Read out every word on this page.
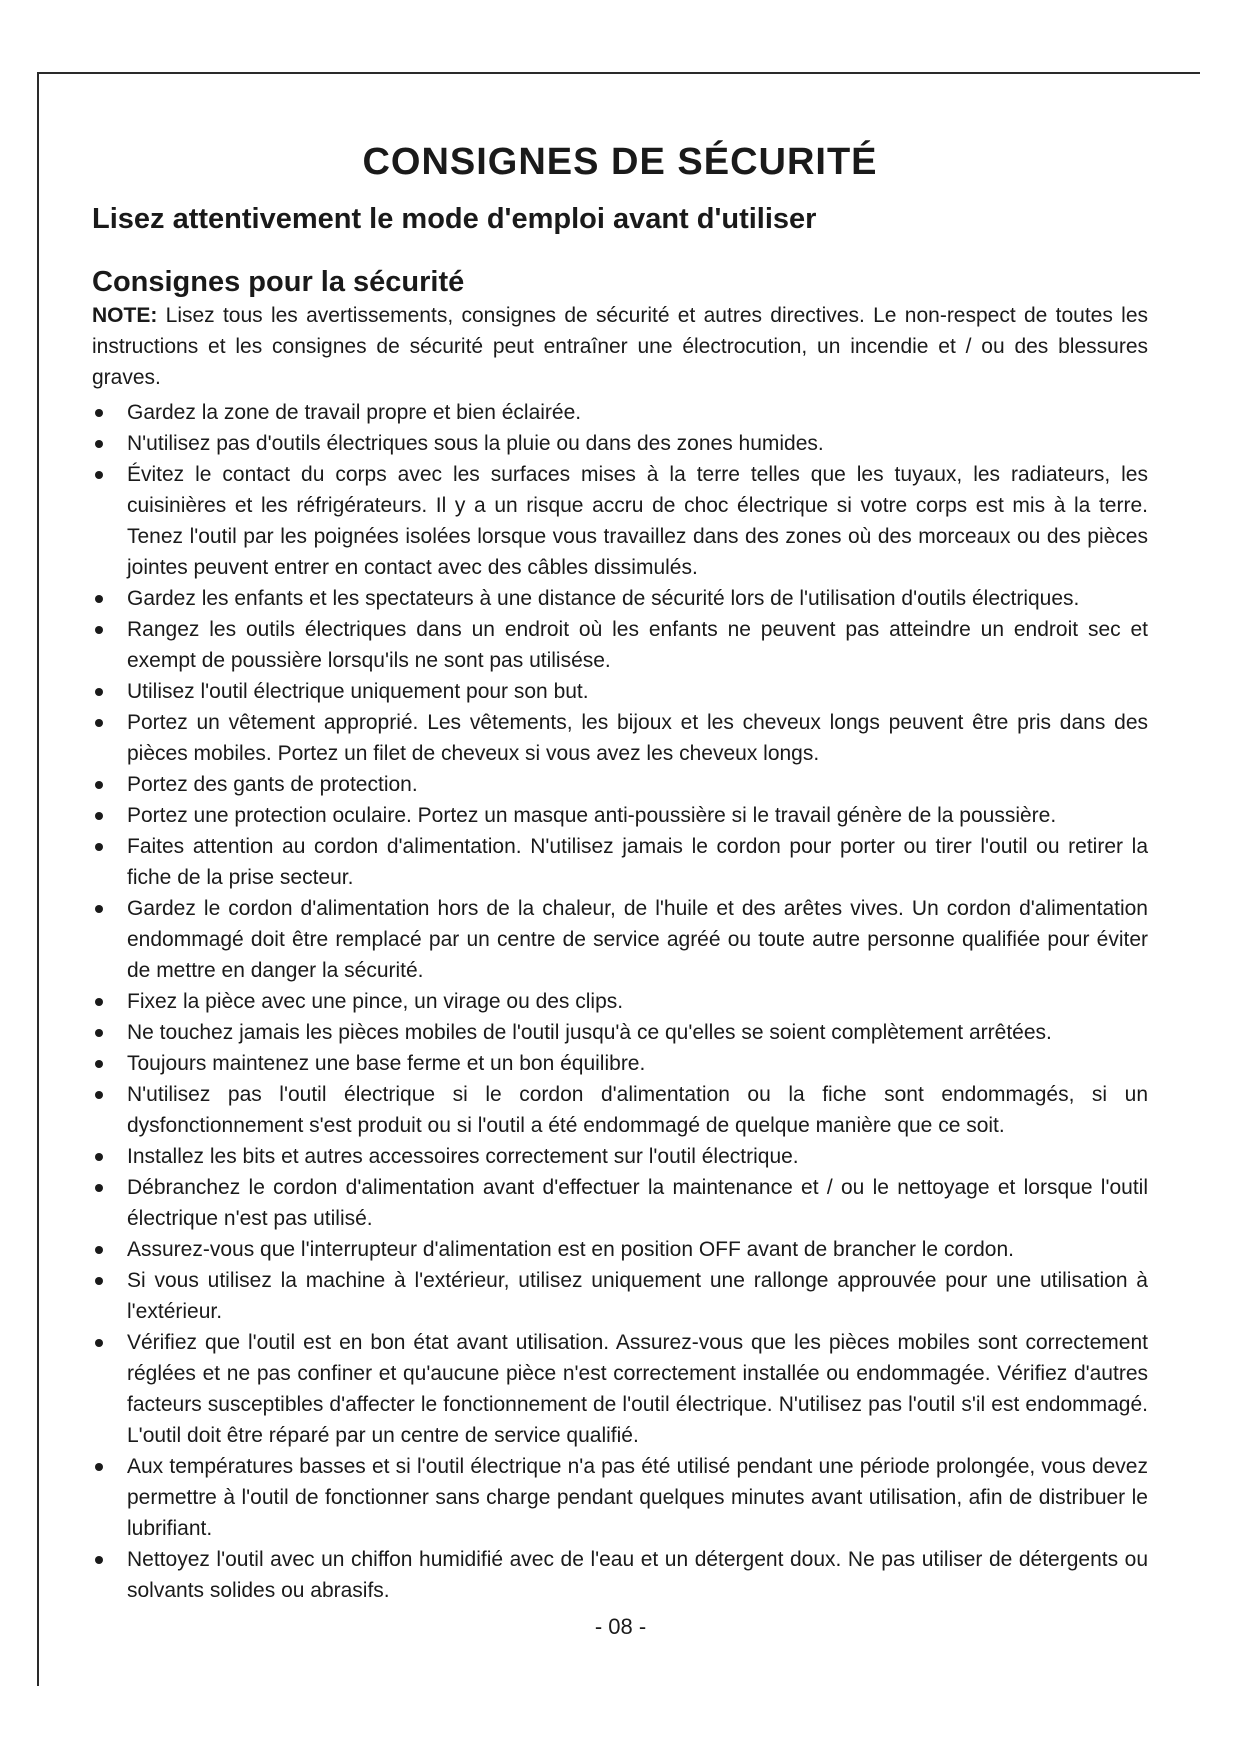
CONSIGNES DE SÉCURITÉ
Lisez attentivement le mode d'emploi avant d'utiliser
Consignes pour la sécurité

NOTE: Lisez tous les avertissements, consignes de sécurité et autres directives. Le non-respect de toutes les instructions et les consignes de sécurité peut entraîner une électrocution, un incendie et / ou des blessures graves.

Gardez la zone de travail propre et bien éclairée.
N'utilisez pas d'outils électriques sous la pluie ou dans des zones humides.
Évitez le contact du corps avec les surfaces mises à la terre telles que les tuyaux, les radiateurs, les cuisinières et les réfrigérateurs. Il y a un risque accru de choc électrique si votre corps est mis à la terre. Tenez l'outil par les poignées isolées lorsque vous travaillez dans des zones où des morceaux ou des pièces jointes peuvent entrer en contact avec des câbles dissimulés.
Gardez les enfants et les spectateurs à une distance de sécurité lors de l'utilisation d'outils électriques.
Rangez les outils électriques dans un endroit où les enfants ne peuvent pas atteindre un endroit sec et exempt de poussière lorsqu'ils ne sont pas utilisése.
Utilisez l'outil électrique uniquement pour son but.
Portez un vêtement approprié. Les vêtements, les bijoux et les cheveux longs peuvent être pris dans des pièces mobiles. Portez un filet de cheveux si vous avez les cheveux longs.
Portez des gants de protection.
Portez une protection oculaire. Portez un masque anti-poussière si le travail génère de la poussière.
Faites attention au cordon d'alimentation. N'utilisez jamais le cordon pour porter ou tirer l'outil ou retirer la fiche de la prise secteur.
Gardez le cordon d'alimentation hors de la chaleur, de l'huile et des arêtes vives. Un cordon d'alimentation endommagé doit être remplacé par un centre de service agréé ou toute autre personne qualifiée pour éviter de mettre en danger la sécurité.
Fixez la pièce avec une pince, un virage ou des clips.
Ne touchez jamais les pièces mobiles de l'outil jusqu'à ce qu'elles se soient complètement arrêtées.
Toujours maintenez une base ferme et un bon équilibre.
N'utilisez pas l'outil électrique si le cordon d'alimentation ou la fiche sont endommagés, si un dysfonctionnement s'est produit ou si l'outil a été endommagé de quelque manière que ce soit.
Installez les bits et autres accessoires correctement sur l'outil électrique.
Débranchez le cordon d'alimentation avant d'effectuer la maintenance et / ou le nettoyage et lorsque l'outil électrique n'est pas utilisé.
Assurez-vous que l'interrupteur d'alimentation est en position OFF avant de brancher le cordon.
Si vous utilisez la machine à l'extérieur, utilisez uniquement une rallonge approuvée pour une utilisation à l'extérieur.
Vérifiez que l'outil est en bon état avant utilisation. Assurez-vous que les pièces mobiles sont correctement réglées et ne pas confiner et qu'aucune pièce n'est correctement installée ou endommagée. Vérifiez d'autres facteurs susceptibles d'affecter le fonctionnement de l'outil électrique. N'utilisez pas l'outil s'il est endommagé. L'outil doit être réparé par un centre de service qualifié.
Aux températures basses et si l'outil électrique n'a pas été utilisé pendant une période prolongée, vous devez permettre à l'outil de fonctionner sans charge pendant quelques minutes avant utilisation, afin de distribuer le lubrifiant.
Nettoyez l'outil avec un chiffon humidifié avec de l'eau et un détergent doux. Ne pas utiliser de détergents ou solvants solides ou abrasifs.
- 08 -
